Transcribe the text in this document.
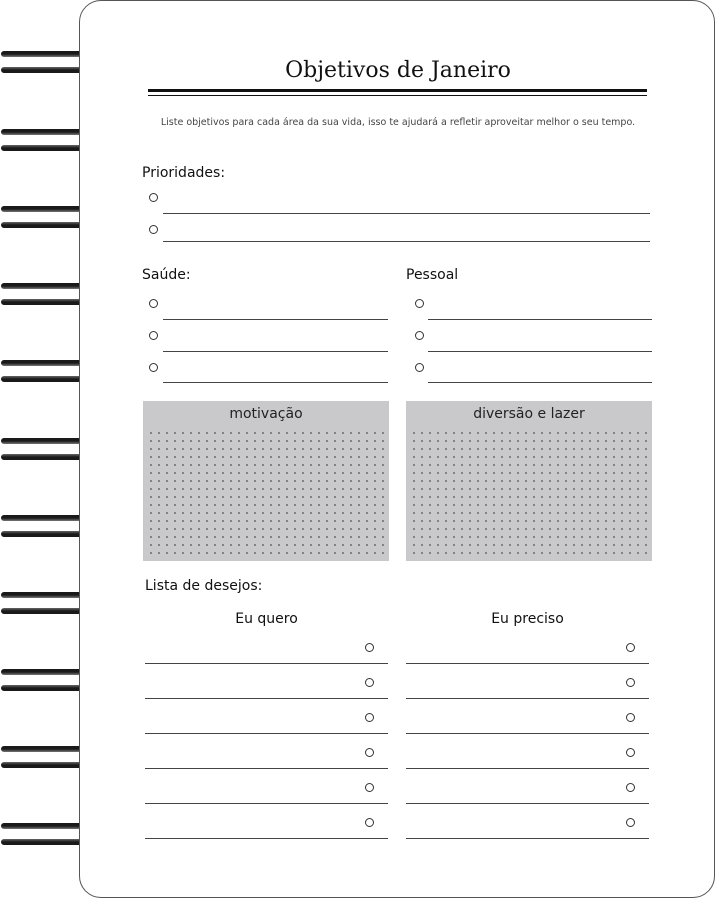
Objetivos de Janeiro
Liste objetivos para cada área da sua vida, isso te ajudará a refletir aproveitar melhor o seu tempo.
Prioridades:
Saúde:	Pessoal
motivação	diversão e lazer
Lista de desejos:
Eu quero	Eu preciso
